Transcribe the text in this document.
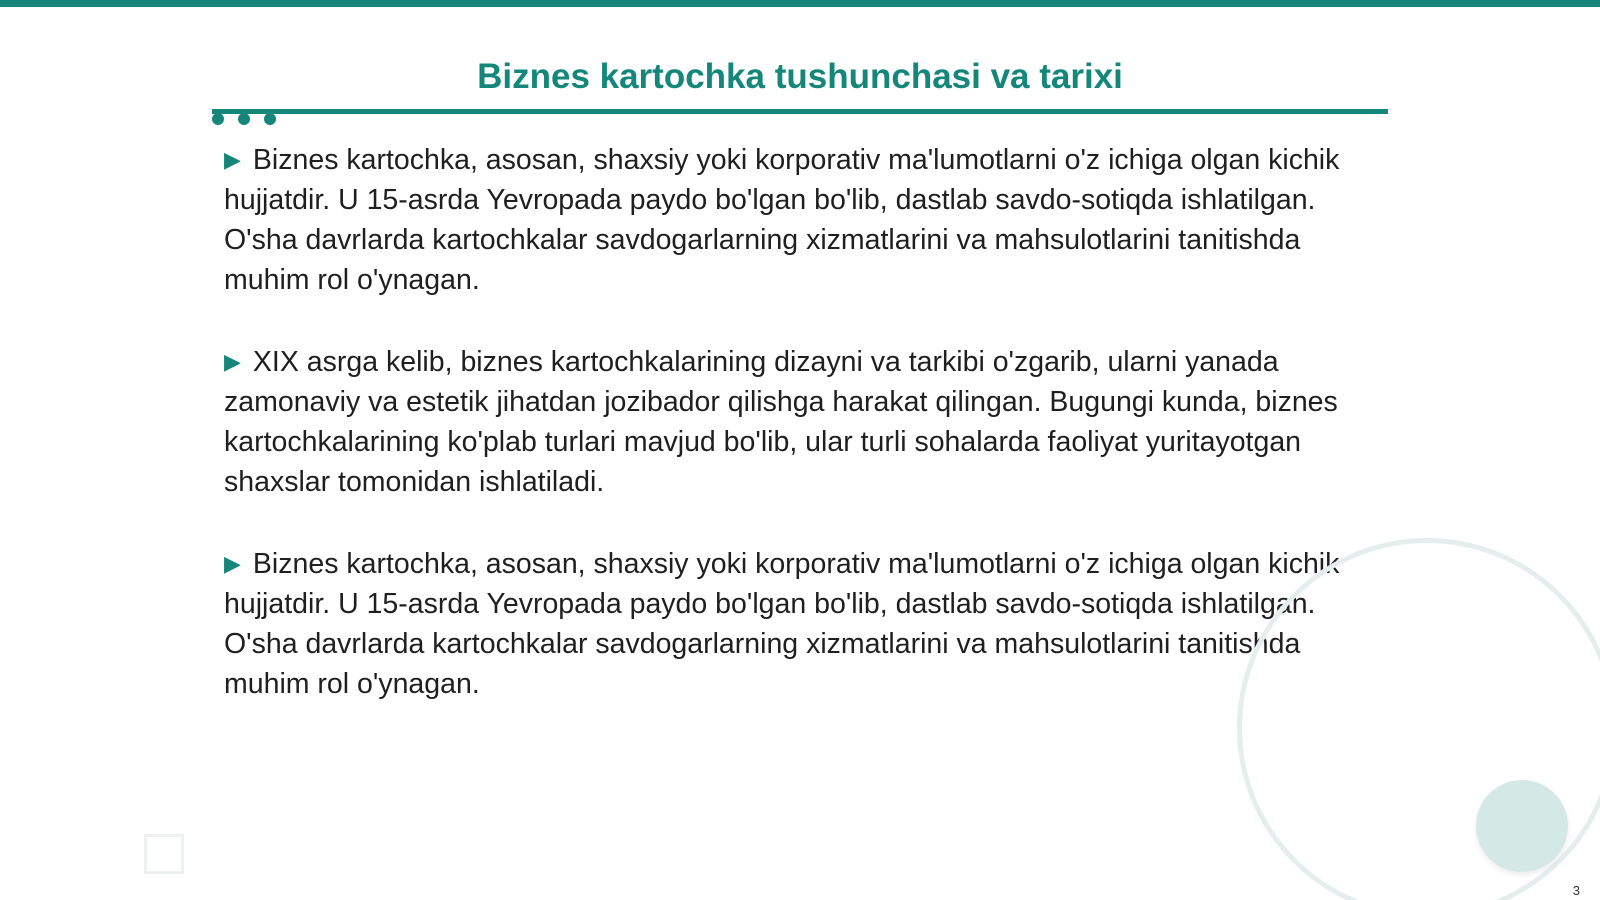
Biznes kartochka tushunchasi va tarixi

▶ Biznes kartochka, asosan, shaxsiy yoki korporativ ma'lumotlarni o'z ichiga olgan kichik hujjatdir. U 15-asrda Yevropada paydo bo'lgan bo'lib, dastlab savdo-sotiqda ishlatilgan. O'sha davrlarda kartochkalar savdogarlarning xizmatlarini va mahsulotlarini tanitishda muhim rol o'ynagan.

▶ XIX asrga kelib, biznes kartochkalarining dizayni va tarkibi o'zgarib, ularni yanada zamonaviy va estetik jihatdan jozibador qilishga harakat qilingan. Bugungi kunda, biznes kartochkalarining ko'plab turlari mavjud bo'lib, ular turli sohalarda faoliyat yuritayotgan shaxslar tomonidan ishlatiladi.

▶ Biznes kartochka, asosan, shaxsiy yoki korporativ ma'lumotlarni o'z ichiga olgan kichik hujjatdir. U 15-asrda Yevropada paydo bo'lgan bo'lib, dastlab savdo-sotiqda ishlatilgan. O'sha davrlarda kartochkalar savdogarlarning xizmatlarini va mahsulotlarini tanitishda muhim rol o'ynagan.

3
